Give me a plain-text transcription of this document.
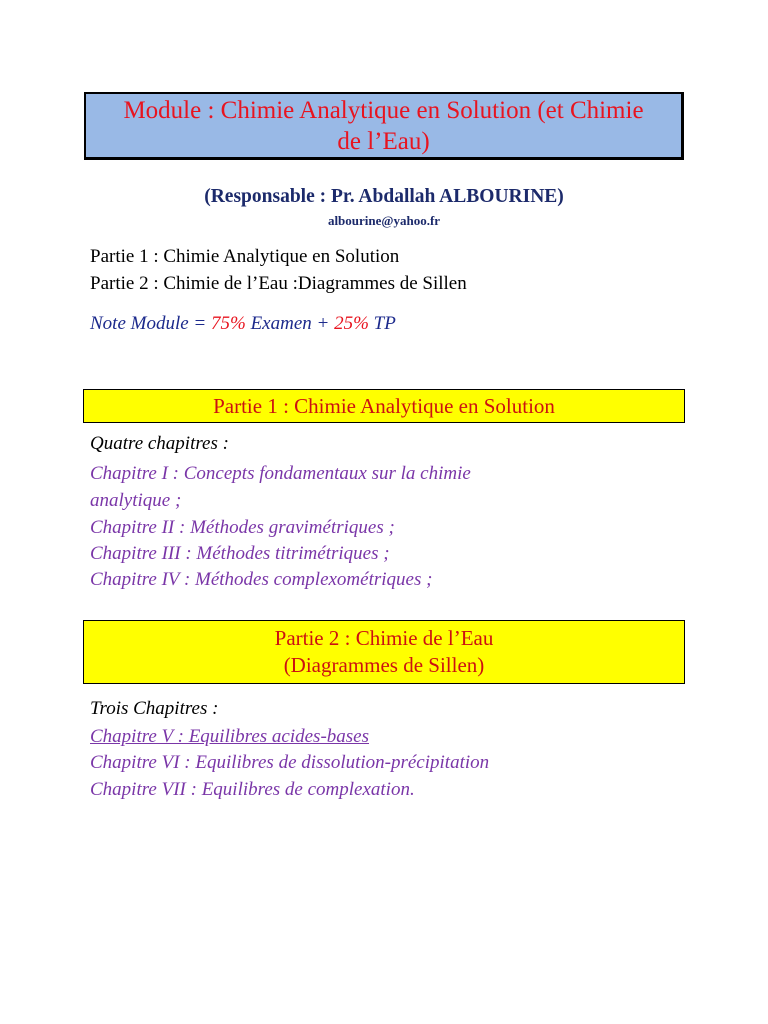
Module : Chimie Analytique en Solution (et Chimie de l’Eau)
(Responsable : Pr. Abdallah ALBOURINE)
albourine@yahoo.fr
Partie 1 : Chimie Analytique en Solution
Partie 2 : Chimie de l’Eau :Diagrammes de Sillen
Note Module = 75% Examen + 25% TP
Partie 1 : Chimie Analytique en Solution
Quatre chapitres :
Chapitre I : Concepts fondamentaux sur la chimie
analytique ;
Chapitre II : Méthodes gravimétriques ;
Chapitre III : Méthodes titrimétriques ;
Chapitre IV : Méthodes complexométriques ;
Partie 2 : Chimie de l’Eau
(Diagrammes de Sillen)
Trois Chapitres :
Chapitre V : Equilibres acides-bases
Chapitre VI : Equilibres de dissolution-précipitation
Chapitre VII : Equilibres de complexation.
